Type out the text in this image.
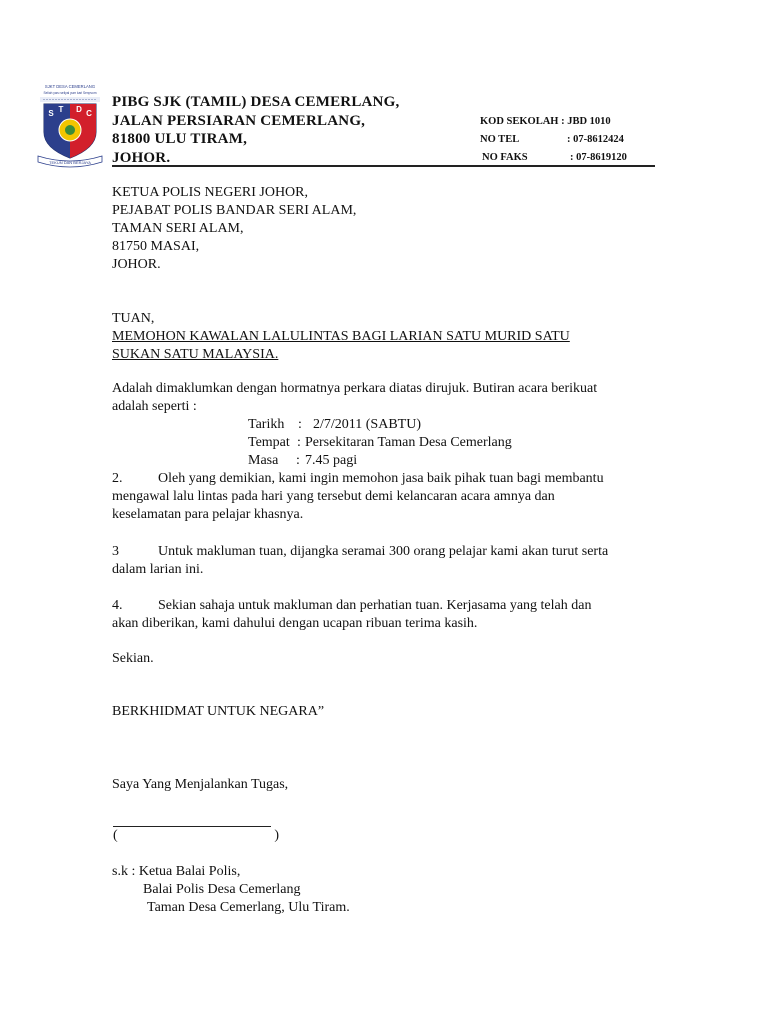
SJKT DESA CEMERLANG
Seliah yaru seliyal yum kari Senpvom
S T D C
TEKUN DAN BERJAYA
PIBG SJK (TAMIL) DESA CEMERLANG,
JALAN PERSIARAN CEMERLANG,
81800 ULU TIRAM,
JOHOR.
KOD SEKOLAH : JBD 1010
NO TEL	: 07-8612424
NO FAKS	: 07-8619120
KETUA POLIS NEGERI JOHOR,
PEJABAT POLIS BANDAR SERI ALAM,
TAMAN SERI ALAM,
81750 MASAI,
JOHOR.
TUAN,
MEMOHON KAWALAN LALULINTAS BAGI LARIAN SATU MURID SATU
SUKAN SATU MALAYSIA.
Adalah dimaklumkan dengan hormatnya perkara diatas dirujuk. Butiran acara berikuat
adalah seperti :
Tarikh : 2/7/2011 (SABTU)
Tempat : Persekitaran Taman Desa Cemerlang
Masa : 7.45 pagi
2.	Oleh yang demikian, kami ingin memohon jasa baik pihak tuan bagi membantu
mengawal lalu lintas pada hari yang tersebut demi kelancaran acara amnya dan
keselamatan para pelajar khasnya.
3	Untuk makluman tuan, dijangka seramai 300 orang pelajar kami akan turut serta
dalam larian ini.
4.	Sekian sahaja untuk makluman dan perhatian tuan. Kerjasama yang telah dan
akan diberikan, kami dahului dengan ucapan ribuan terima kasih.
Sekian.
BERKHIDMAT UNTUK NEGARA”
Saya Yang Menjalankan Tugas,
(	)
s.k : Ketua Balai Polis,
Balai Polis Desa Cemerlang
Taman Desa Cemerlang, Ulu Tiram.
